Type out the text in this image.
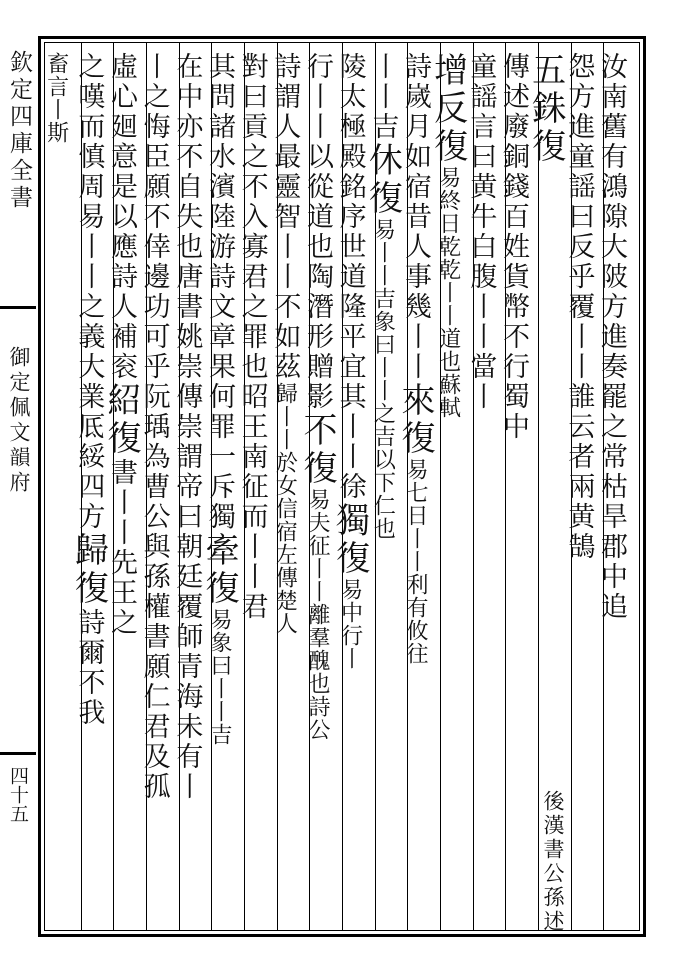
欽定四庫全書
御定佩文韻府
四十五
汝南舊有鴻隙大陂方進奏罷之常枯旱郡中追
怨方進童謡曰反乎覆丨丨誰云者兩黄鵠
五銖復
傳述廢銅錢百姓貨幣不行蜀中
童謡言曰黄牛白腹丨丨當丨
增反復易終日乾乾丨丨道也蘇軾
詩嵗月如宿昔人事幾丨丨來復易七日丨丨利有攸往
丨丨吉休復易丨丨吉象曰丨丨之吉以下仁也
陵太極殿銘序世道隆平宜其丨丨徐獨復易中行丨
行丨丨以從道也陶潛形贈影不復易夫征丨丨離羣醜也詩公
詩謂人最靈智丨丨不如茲歸丨丨於女信宿左傳楚人
對曰貢之不入寡君之罪也昭王南征而丨丨君
其問諸水濱陸游詩文章果何罪一斥獨牽復易象曰丨丨吉
在中亦不自失也唐書姚崇傳崇謂帝曰朝廷覆師青海未有丨
丨之悔臣願不倖邊功可乎阮瑀為曹公與孫權書願仁君及孤
虛心廻意是以應詩人補衮紹復書丨丨先王之
之嘆而慎周易丨丨之義大業厎綏四方歸復詩爾不我
畜言丨斯
後漢書公孫述
